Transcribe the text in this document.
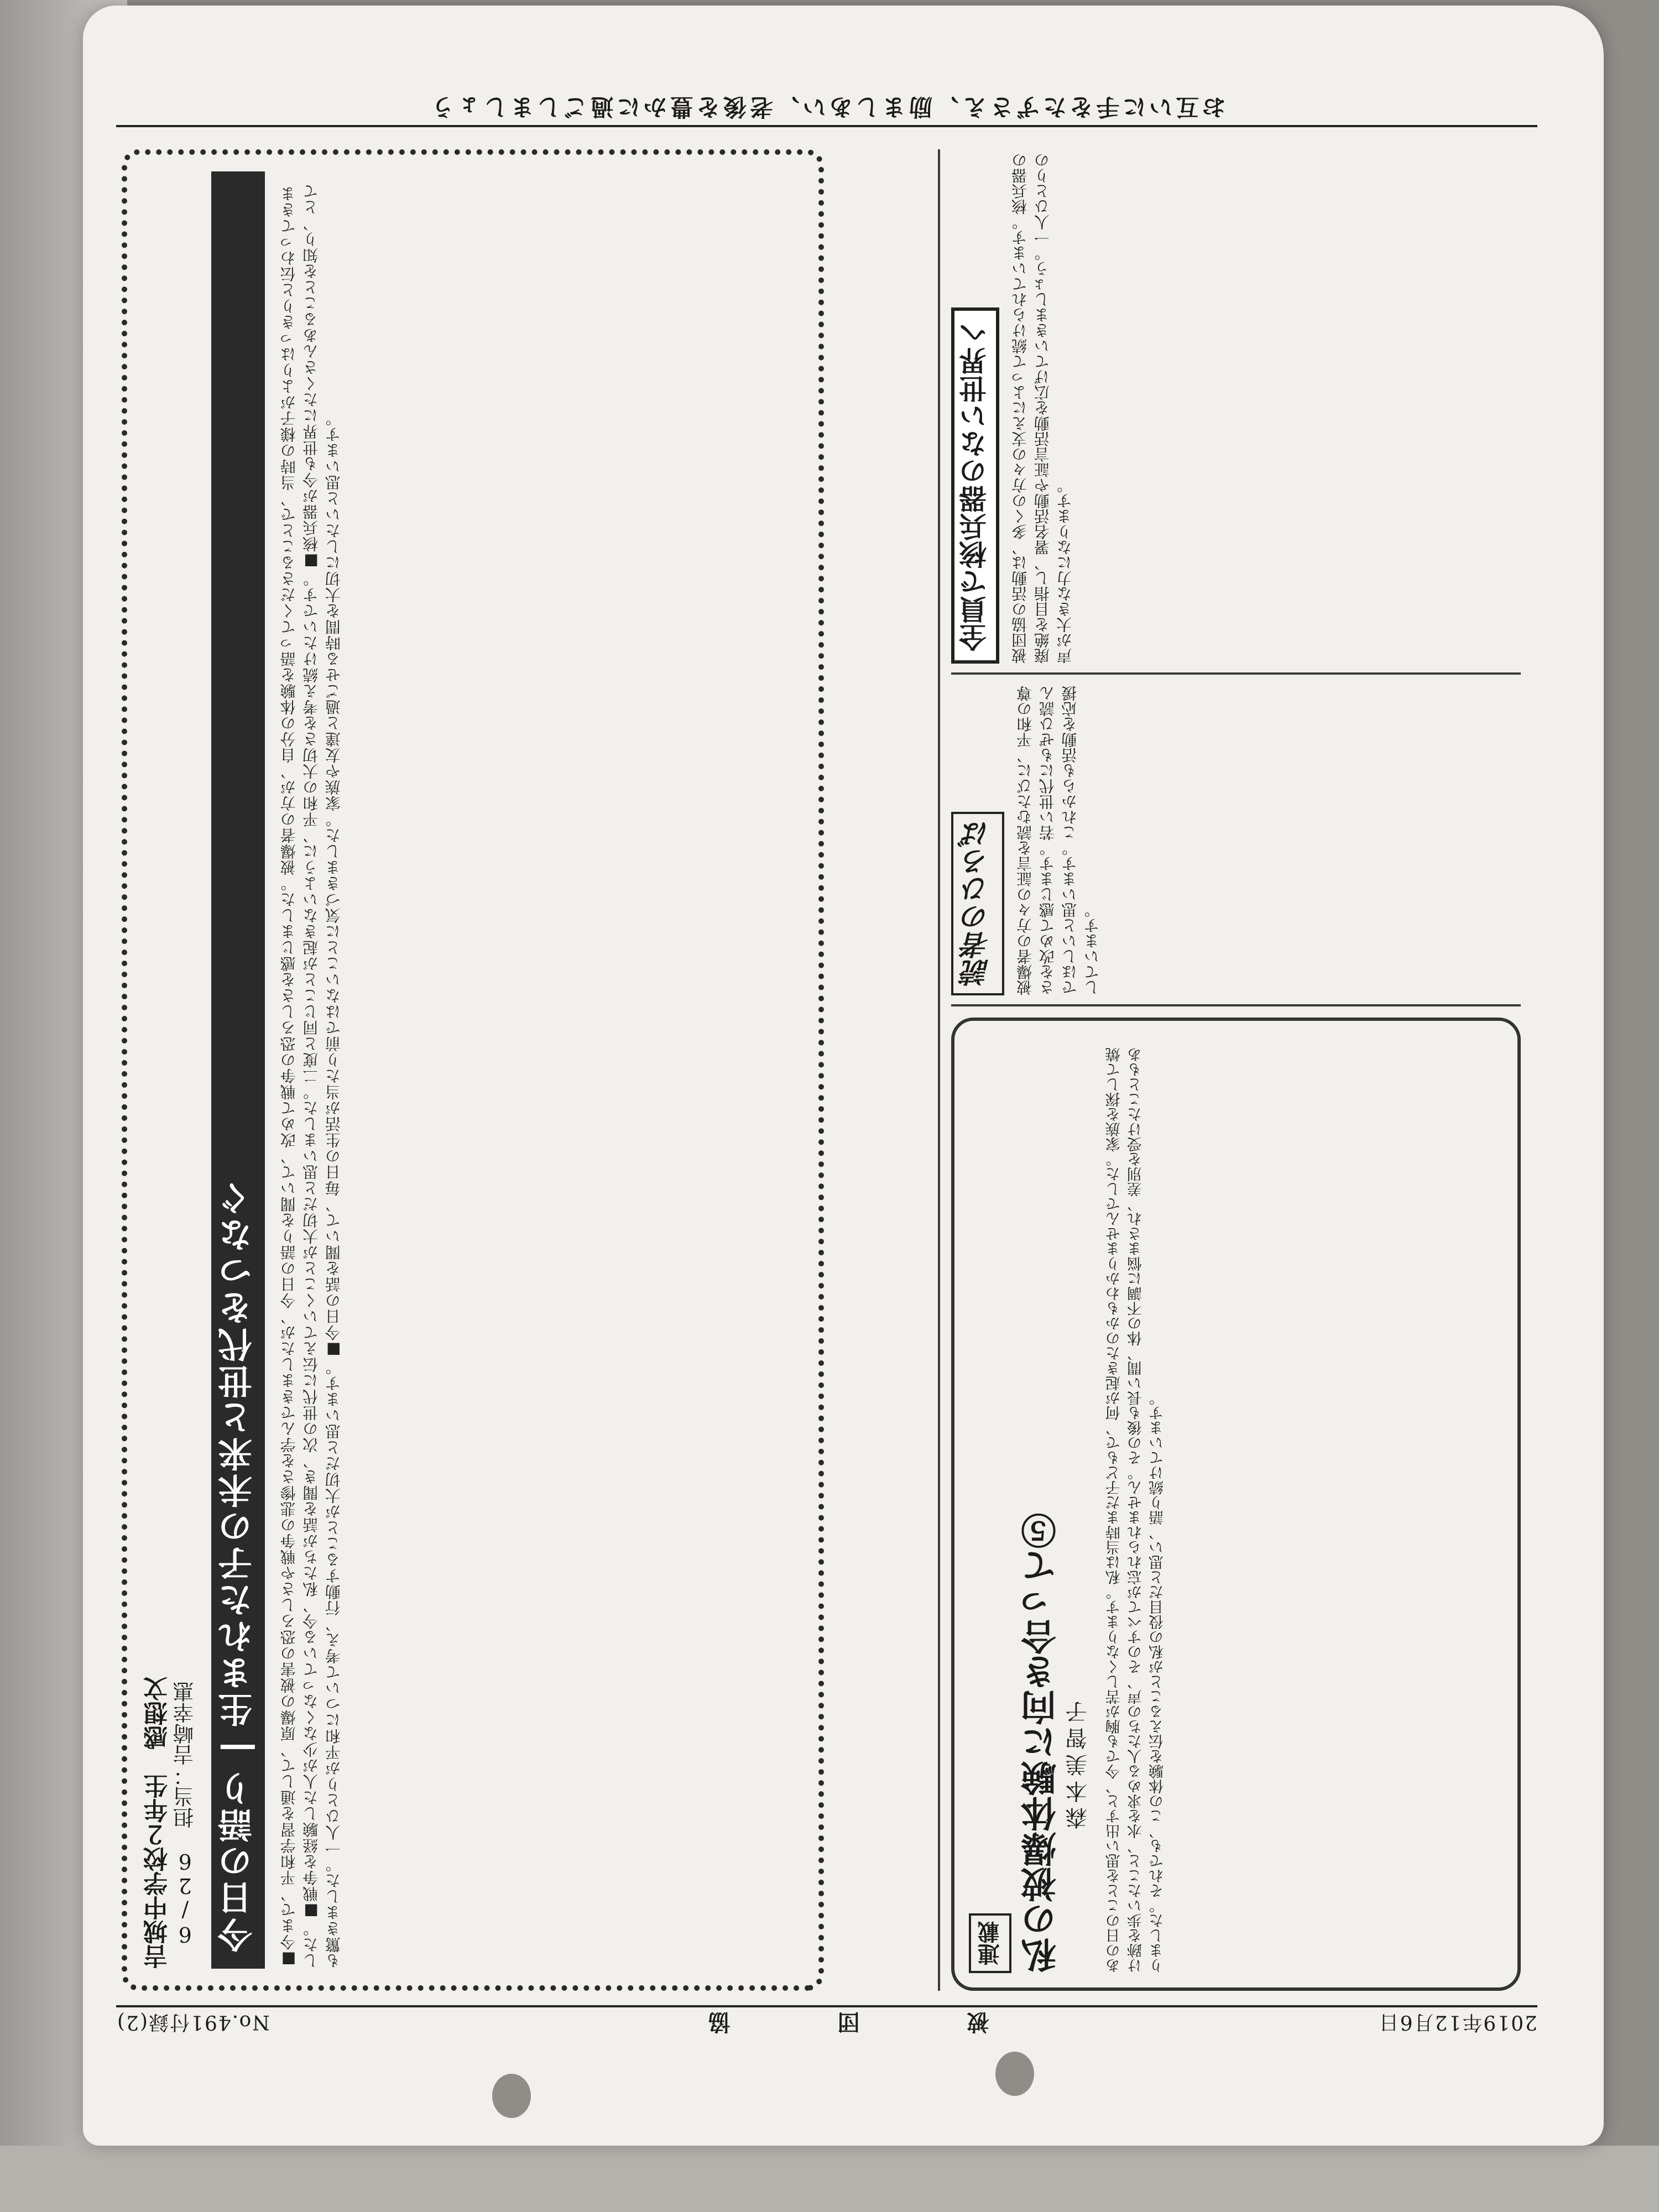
2019年12月6日
被 団 協
No.491付録(2)
連載 私の被爆体験に向き合って⑤ 森本美智子 あの日のことを思い出すと、今でも胸が苦しくなります。私は当時まだ子どもで、何が起きたのかもわかりませんでした。家族を探して焼け跡を歩いたこと、水を求める人たちの声、そのすべてが忘れられません。その後も長い間、体の不調に悩まされ、差別を受けたこともありました。それでも、この体験を伝えることが私の役目だと思い、語り続けています。
読者のひろば	被爆者の方々の証言を読むたびに、平和の尊さを改めて感じます。若い世代にもぜひ読んでほしいと思います。これからも活動を応援しています。
全員で核兵器のない世界へ	被団協の活動は、多くの方々の支えによって続けられています。核兵器の廃絶を目指し、署名活動や証言活動を広げていきましょう。一人ひとりの声が大きな力になります。
吉城中学校２年生　感想文 6/26　担当：吉崎幸惠 今日の語り―生まれた子の未来と世代をつなぐ	■今まで、平和学習を通して、原爆の被害の恐ろしさや戦争の悲惨さを学んできましたが、今日の語りを聞いて、改めて戦争の恐ろしさを感じました。被爆者の方が、自分の体験を語ってくださることで、当時の様子がよりはっきりと伝わってきました。■戦争を経験した人が少なくなっている今、私たちが話を聞き、次の世代に伝えていくことが大切だと思いました。二度と同じことが起きないように、平和の大切さを考え続けたいです。■核兵器が今も世界にたくさんあることを知り、とても驚きました。一人ひとりが平和について考え、行動することが大切だと思います。■今日の話を聞いて、毎日の生活が当たり前ではないことに気づきました。家族や友達と過ごせる時間を大切にしたいと思います。
お互いに手をたずさえ、励ましあい、老後を豊かに過ごしましょう
